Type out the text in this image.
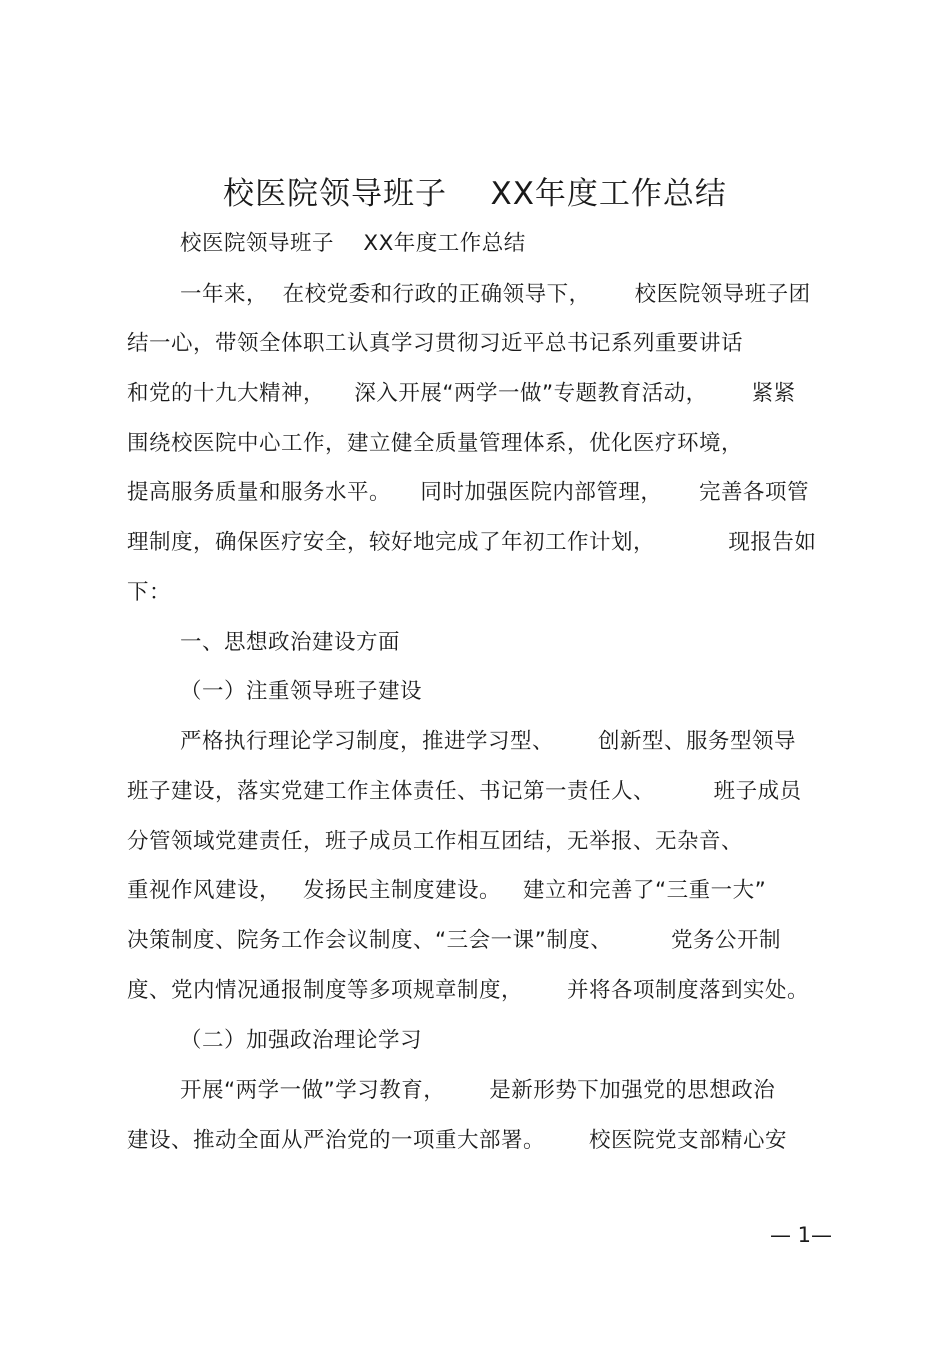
校医院领导班子    XX年度工作总结
校医院领导班子    XX年度工作总结
一年来，  在校党委和行政的正确领导下，      校医院领导班子团
结一心，带领全体职工认真学习贯彻习近平总书记系列重要讲话
和党的十九大精神，    深入开展“两学一做”专题教育活动，      紧紧
围绕校医院中心工作，建立健全质量管理体系，优化医疗环境，
提高服务质量和服务水平。    同时加强医院内部管理，     完善各项管
理制度，确保医疗安全，较好地完成了年初工作计划，          现报告如
下：
一、思想政治建设方面
（一）注重领导班子建设
严格执行理论学习制度，推进学习型、      创新型、服务型领导
班子建设，落实党建工作主体责任、书记第一责任人、        班子成员
分管领域党建责任，班子成员工作相互团结，无举报、无杂音、
重视作风建设，   发扬民主制度建设。   建立和完善了“三重一大”
决策制度、院务工作会议制度、“三会一课”制度、        党务公开制
度、党内情况通报制度等多项规章制度，      并将各项制度落到实处。
（二）加强政治理论学习
开展“两学一做”学习教育，      是新形势下加强党的思想政治
建设、推动全面从严治党的一项重大部署。      校医院党支部精心安
— 1—
